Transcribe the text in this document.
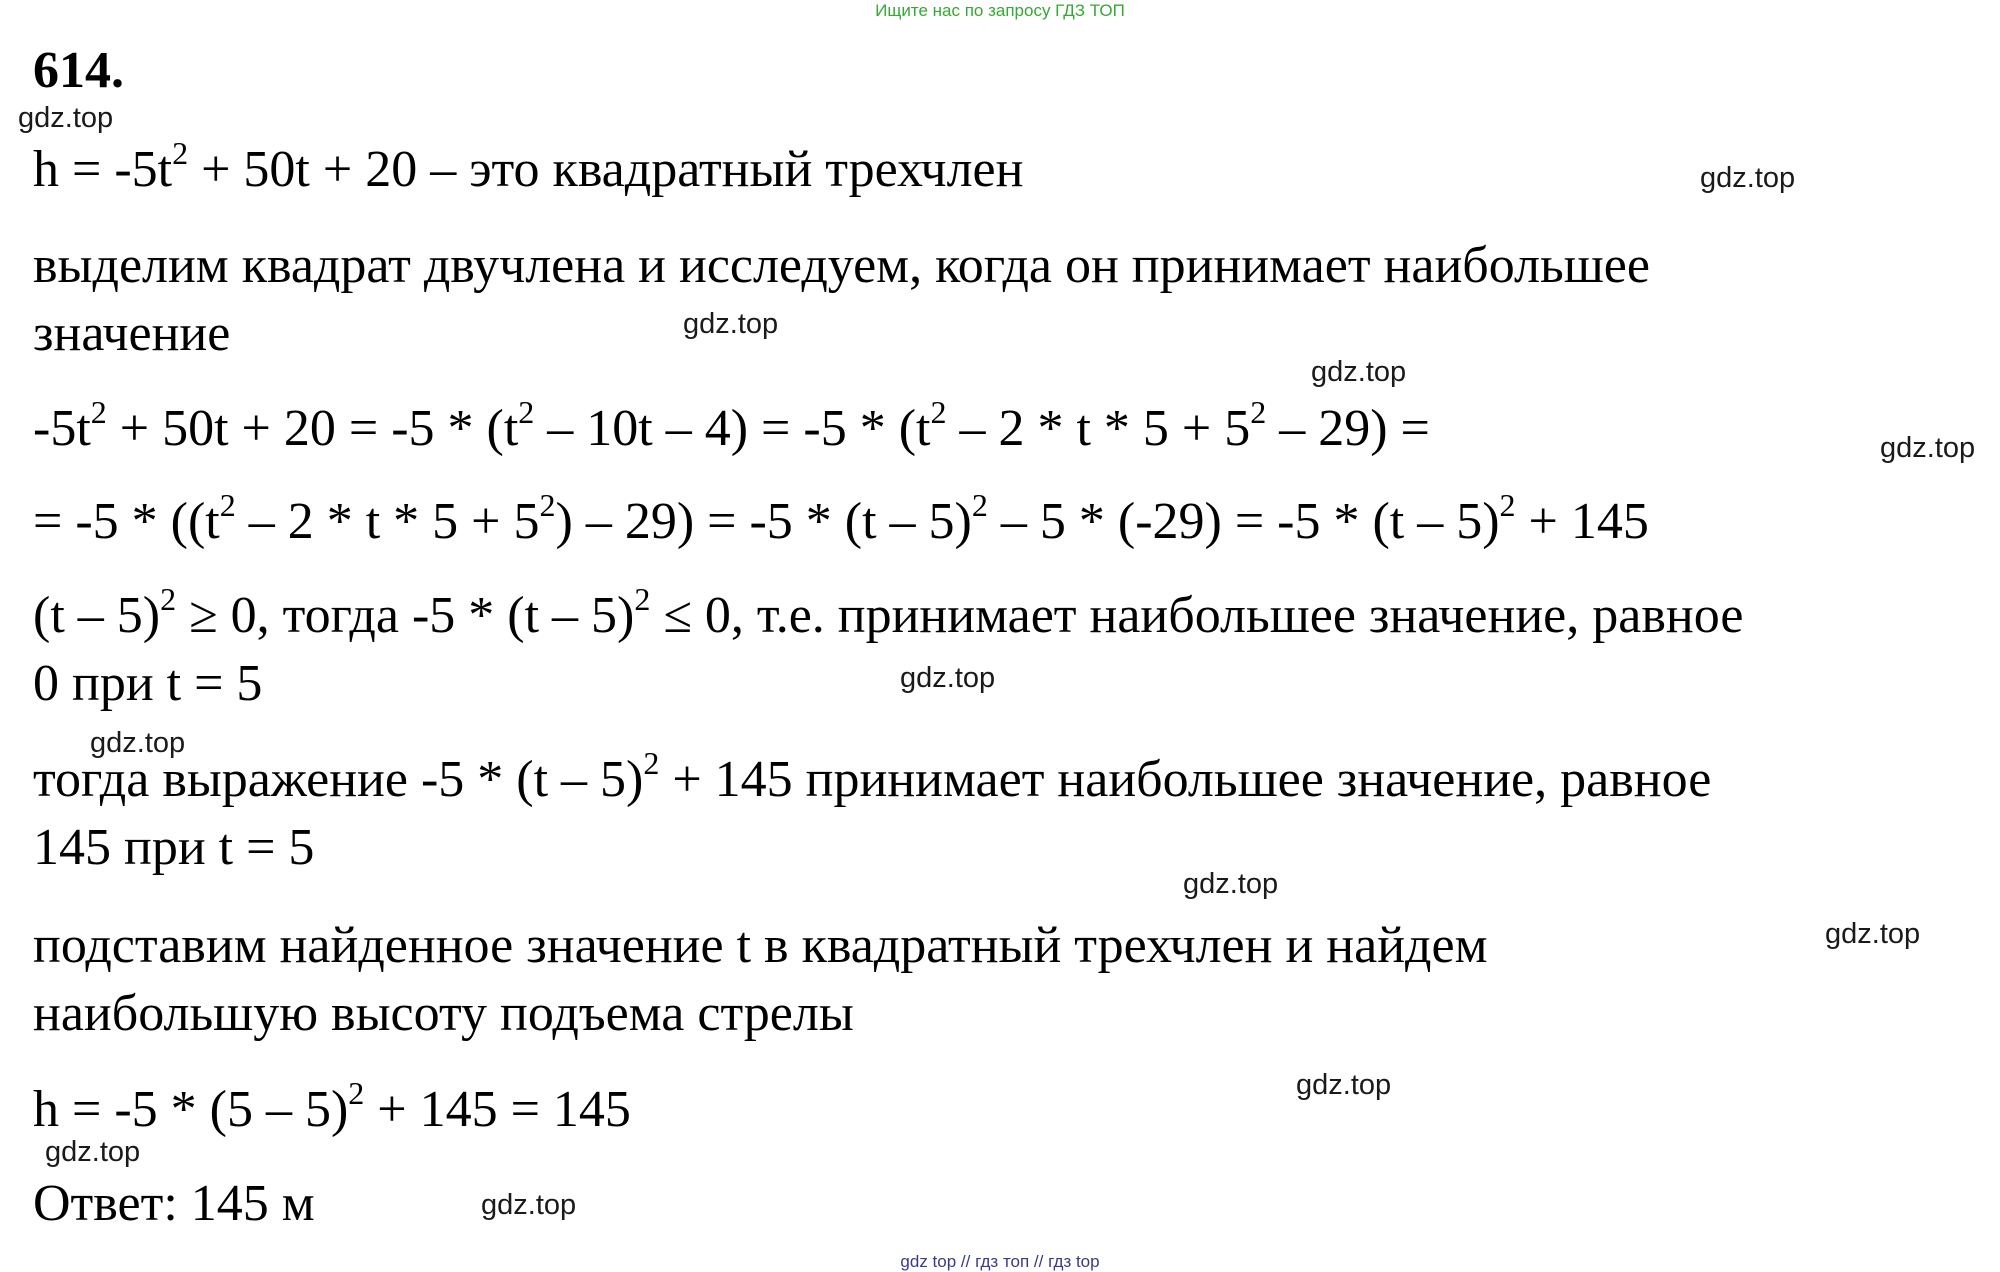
Ищите нас по запросу ГДЗ ТОП
614.
$h = -5t^2 + 50t + 20$ – это квадратный трехчлен
выделим квадрат двучлена и исследуем, когда он принимает наибольшее
значение
$-5t^2 + 50t + 20 = -5 * (t^2 - 10t - 4) = -5 * (t^2 - 2 * t * 5 + 5^2 - 29)$ =
= $-5 * ((t^2 - 2 * t * 5 + 5^2) - 29) = -5 * (t - 5)^2 - 5 * (-29) = -5 * (t - 5)^2 + 145$
(t – 5)$^2$ ≥ 0, тогда -5 * (t – 5)$^2$ ≤ 0, т.е. принимает наибольшее значение, равное
0 при t = 5
тогда выражение -5 * (t – 5)$^2$ + 145 принимает наибольшее значение, равное
145 при t = 5
подставим найденное значение t в квадратный трехчлен и найдем
наибольшую высоту подъема стрелы
h = -5 * (5 – 5)$^2$ + 145 = 145
Ответ: 145 м
gdz.top
gdz.top
gdz.top
gdz.top
gdz.top
gdz.top
gdz.top
gdz.top
gdz.top
gdz.top
gdz.top
gdz.top
gdz top // гдз топ // гдз top
